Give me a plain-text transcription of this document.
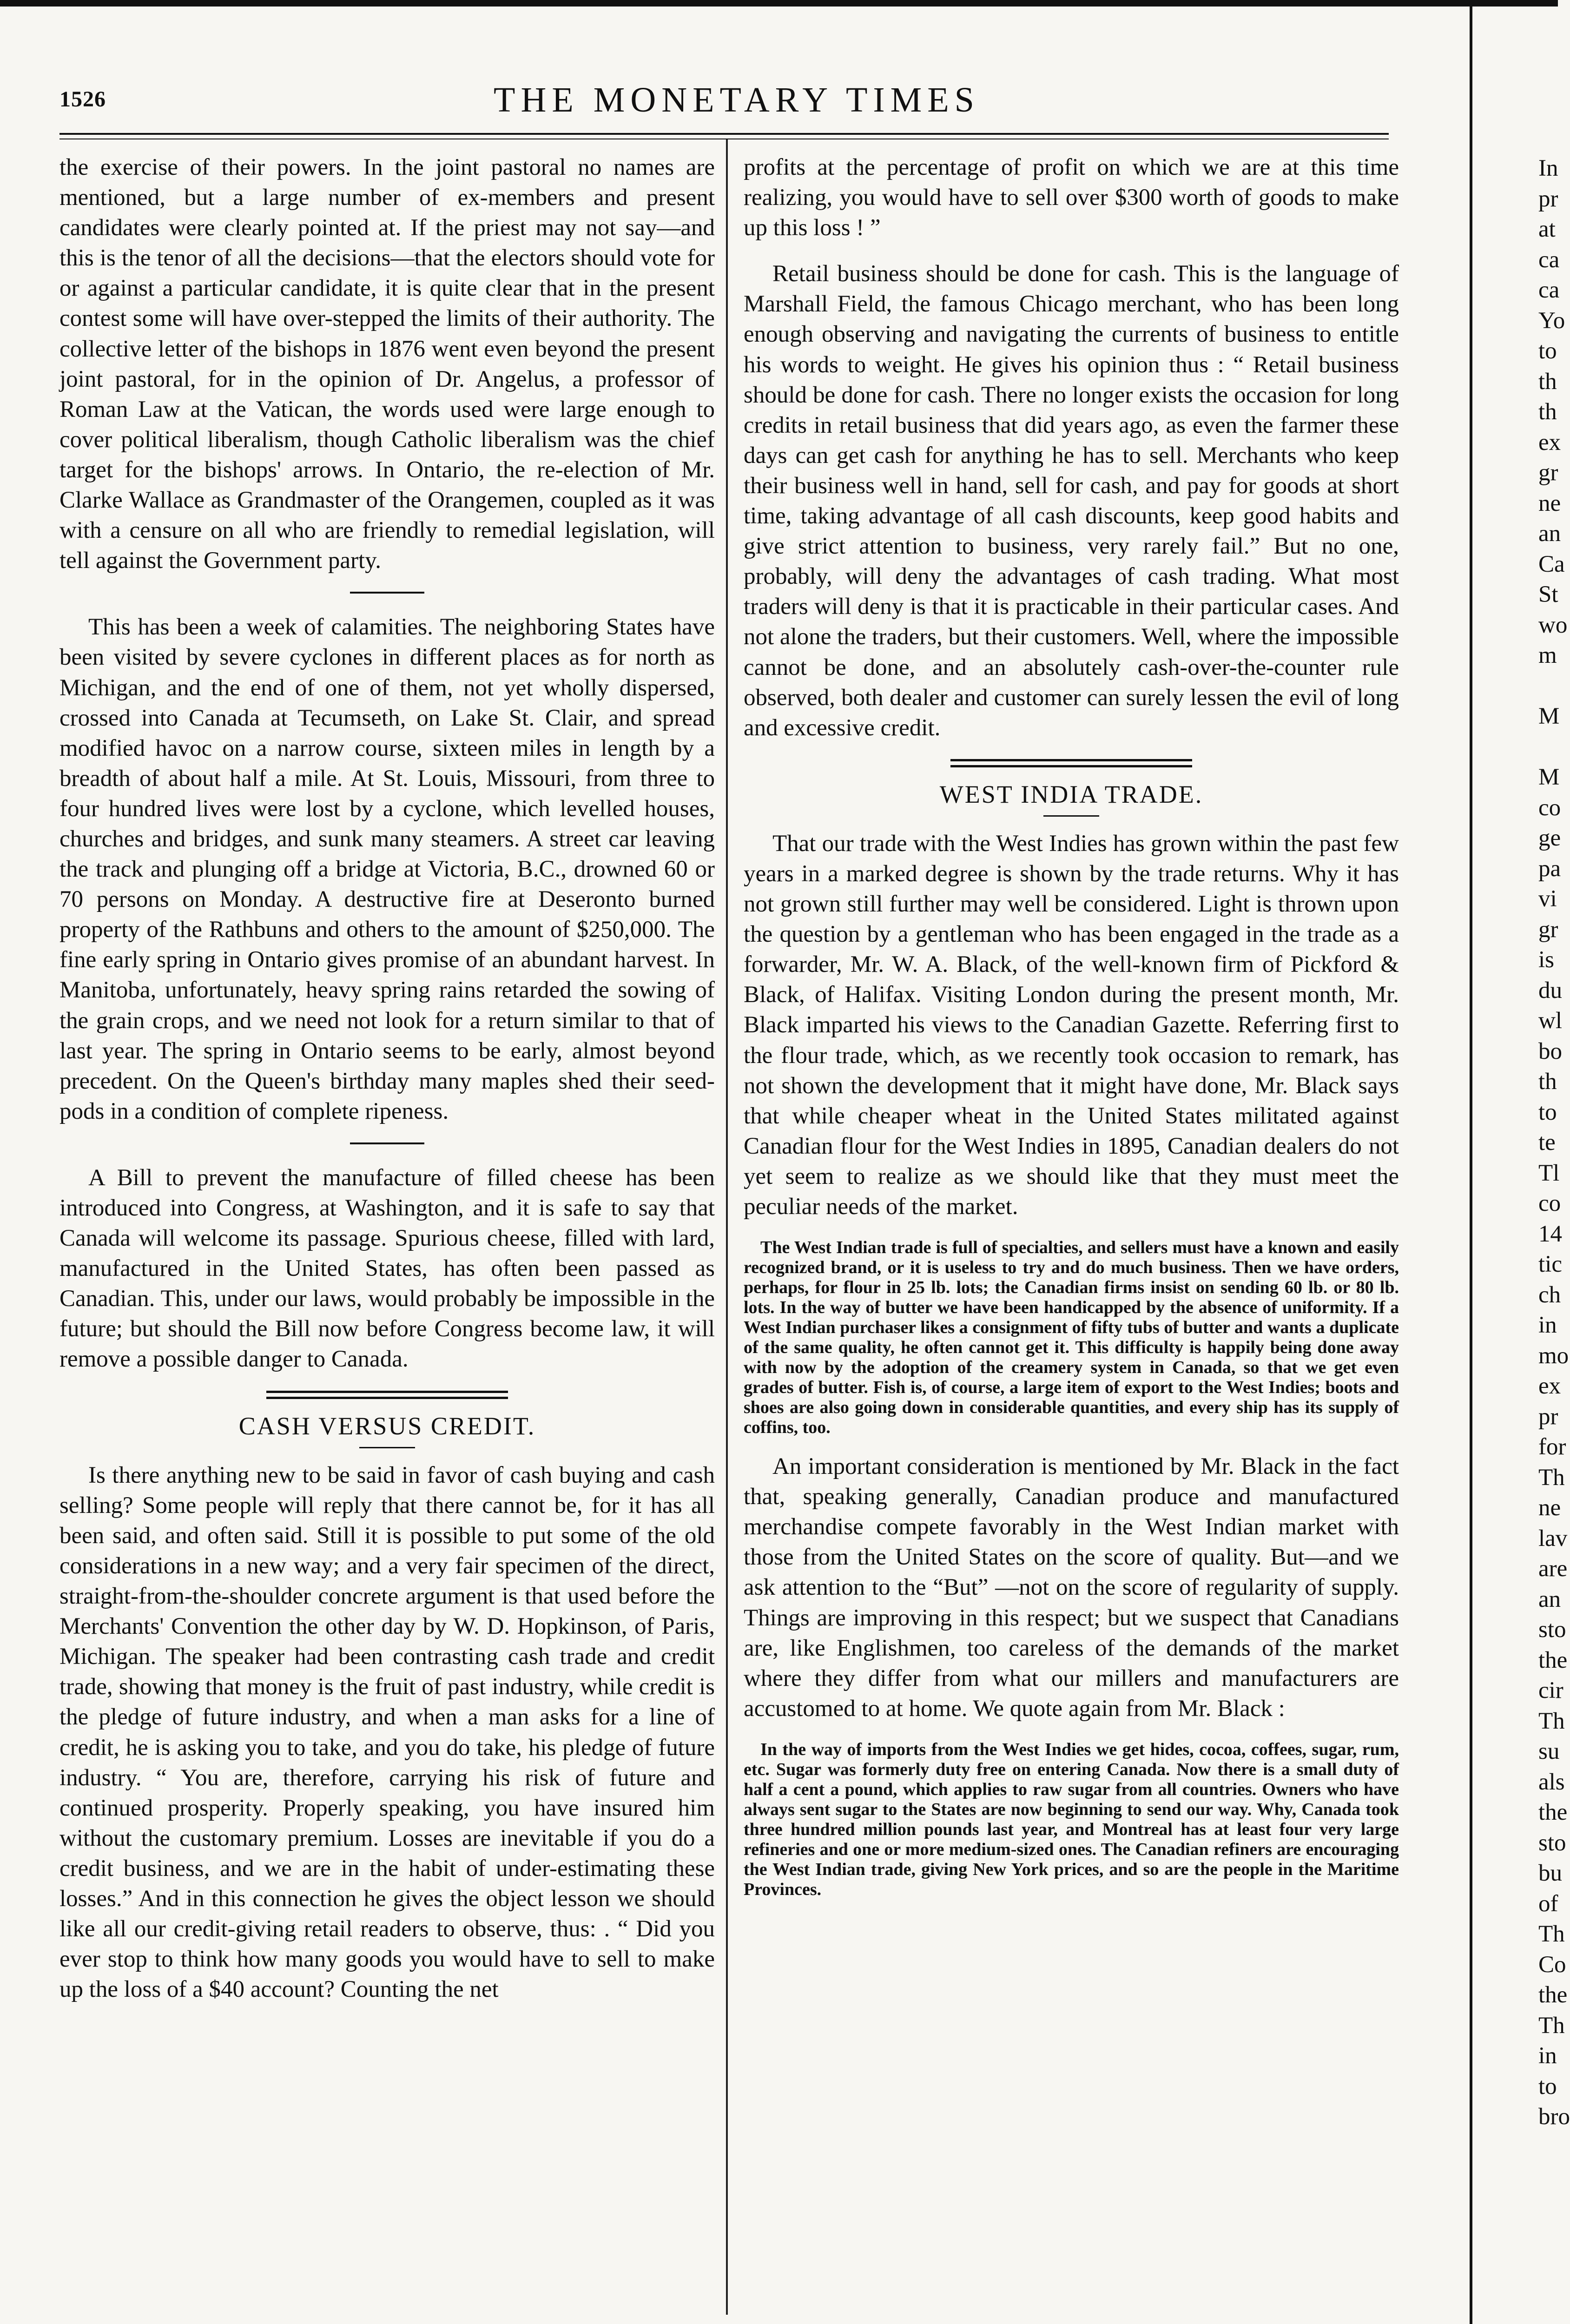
1526	THE MONETARY TIMES

the exercise of their powers. In the joint pastoral no names are mentioned, but a large number of ex-members and present candidates were clearly pointed at. If the priest may not say—and this is the tenor of all the decisions—that the electors should vote for or against a particular candidate, it is quite clear that in the present contest some will have over-stepped the limits of their authority. The collective letter of the bishops in 1876 went even beyond the present joint pastoral, for in the opinion of Dr. Angelus, a professor of Roman Law at the Vatican, the words used were large enough to cover political liberalism, though Catholic liberalism was the chief target for the bishops' arrows. In Ontario, the re-election of Mr. Clarke Wallace as Grandmaster of the Orangemen, coupled as it was with a censure on all who are friendly to remedial legislation, will tell against the Government party.

This has been a week of calamities. The neighboring States have been visited by severe cyclones in different places as for north as Michigan, and the end of one of them, not yet wholly dispersed, crossed into Canada at Tecumseth, on Lake St. Clair, and spread modified havoc on a narrow course, sixteen miles in length by a breadth of about half a mile. At St. Louis, Missouri, from three to four hundred lives were lost by a cyclone, which levelled houses, churches and bridges, and sunk many steamers. A street car leaving the track and plunging off a bridge at Victoria, B.C., drowned 60 or 70 persons on Monday. A destructive fire at Deseronto burned property of the Rathbuns and others to the amount of $250,000. The fine early spring in Ontario gives promise of an abundant harvest. In Manitoba, unfortunately, heavy spring rains retarded the sowing of the grain crops, and we need not look for a return similar to that of last year. The spring in Ontario seems to be early, almost beyond precedent. On the Queen's birthday many maples shed their seed-pods in a condition of complete ripeness.

A Bill to prevent the manufacture of filled cheese has been introduced into Congress, at Washington, and it is safe to say that Canada will welcome its passage. Spurious cheese, filled with lard, manufactured in the United States, has often been passed as Canadian. This, under our laws, would probably be impossible in the future; but should the Bill now before Congress become law, it will remove a possible danger to Canada.

CASH VERSUS CREDIT.

Is there anything new to be said in favor of cash buying and cash selling? Some people will reply that there cannot be, for it has all been said, and often said. Still it is possible to put some of the old considerations in a new way; and a very fair specimen of the direct, straight-from-the-shoulder concrete argument is that used before the Merchants' Convention the other day by W. D. Hopkinson, of Paris, Michigan. The speaker had been contrasting cash trade and credit trade, showing that money is the fruit of past industry, while credit is the pledge of future industry, and when a man asks for a line of credit, he is asking you to take, and you do take, his pledge of future industry. “ You are, therefore, carrying his risk of future and continued prosperity. Properly speaking, you have insured him without the customary premium. Losses are inevitable if you do a credit business, and we are in the habit of under-estimating these losses.” And in this connection he gives the object lesson we should like all our credit-giving retail readers to observe, thus: . “ Did you ever stop to think how many goods you would have to sell to make up the loss of a $40 account? Counting the net

profits at the percentage of profit on which we are at this time realizing, you would have to sell over $300 worth of goods to make up this loss ! ”

Retail business should be done for cash. This is the language of Marshall Field, the famous Chicago merchant, who has been long enough observing and navigating the currents of business to entitle his words to weight. He gives his opinion thus : “ Retail business should be done for cash. There no longer exists the occasion for long credits in retail business that did years ago, as even the farmer these days can get cash for anything he has to sell. Merchants who keep their business well in hand, sell for cash, and pay for goods at short time, taking advantage of all cash discounts, keep good habits and give strict attention to business, very rarely fail.” But no one, probably, will deny the advantages of cash trading. What most traders will deny is that it is practicable in their particular cases. And not alone the traders, but their customers. Well, where the impossible cannot be done, and an absolutely cash-over-the-counter rule observed, both dealer and customer can surely lessen the evil of long and excessive credit.

WEST INDIA TRADE.

That our trade with the West Indies has grown within the past few years in a marked degree is shown by the trade returns. Why it has not grown still further may well be considered. Light is thrown upon the question by a gentleman who has been engaged in the trade as a forwarder, Mr. W. A. Black, of the well-known firm of Pickford & Black, of Halifax. Visiting London during the present month, Mr. Black imparted his views to the Canadian Gazette. Referring first to the flour trade, which, as we recently took occasion to remark, has not shown the development that it might have done, Mr. Black says that while cheaper wheat in the United States militated against Canadian flour for the West Indies in 1895, Canadian dealers do not yet seem to realize as we should like that they must meet the peculiar needs of the market.

The West Indian trade is full of specialties, and sellers must have a known and easily recognized brand, or it is useless to try and do much business. Then we have orders, perhaps, for flour in 25 lb. lots; the Canadian firms insist on sending 60 lb. or 80 lb. lots. In the way of butter we have been handicapped by the absence of uniformity. If a West Indian purchaser likes a consignment of fifty tubs of butter and wants a duplicate of the same quality, he often cannot get it. This difficulty is happily being done away with now by the adoption of the creamery system in Canada, so that we get even grades of butter. Fish is, of course, a large item of export to the West Indies; boots and shoes are also going down in considerable quantities, and every ship has its supply of coffins, too.

An important consideration is mentioned by Mr. Black in the fact that, speaking generally, Canadian produce and manufactured merchandise compete favorably in the West Indian market with those from the United States on the score of quality. But—and we ask attention to the “But” —not on the score of regularity of supply. Things are improving in this respect; but we suspect that Canadians are, like Englishmen, too careless of the demands of the market where they differ from what our millers and manufacturers are accustomed to at home. We quote again from Mr. Black :

In the way of imports from the West Indies we get hides, cocoa, coffees, sugar, rum, etc. Sugar was formerly duty free on entering Canada. Now there is a small duty of half a cent a pound, which applies to raw sugar from all countries. Owners who have always sent sugar to the States are now beginning to send our way. Why, Canada took three hundred million pounds last year, and Montreal has at least four very large refineries and one or more medium-sized ones. The Canadian refiners are encouraging the West Indian trade, giving New York prices, and so are the people in the Maritime Provinces.

In
pr
at
ca
ca
Yo
to
th
th
ex
gr
ne
an
Ca
St
wo
m
M
M
co
ge
pa
vi
gr
is
du
wl
bo
th
to
te
Tl
co
14
tic
ch
in
mo
ex
pr
for
Th
ne
lav
are
an
sto
the
cir
Th
su
als
the
sto
bu
of
Th
Co
the
Th
in
to
bro
